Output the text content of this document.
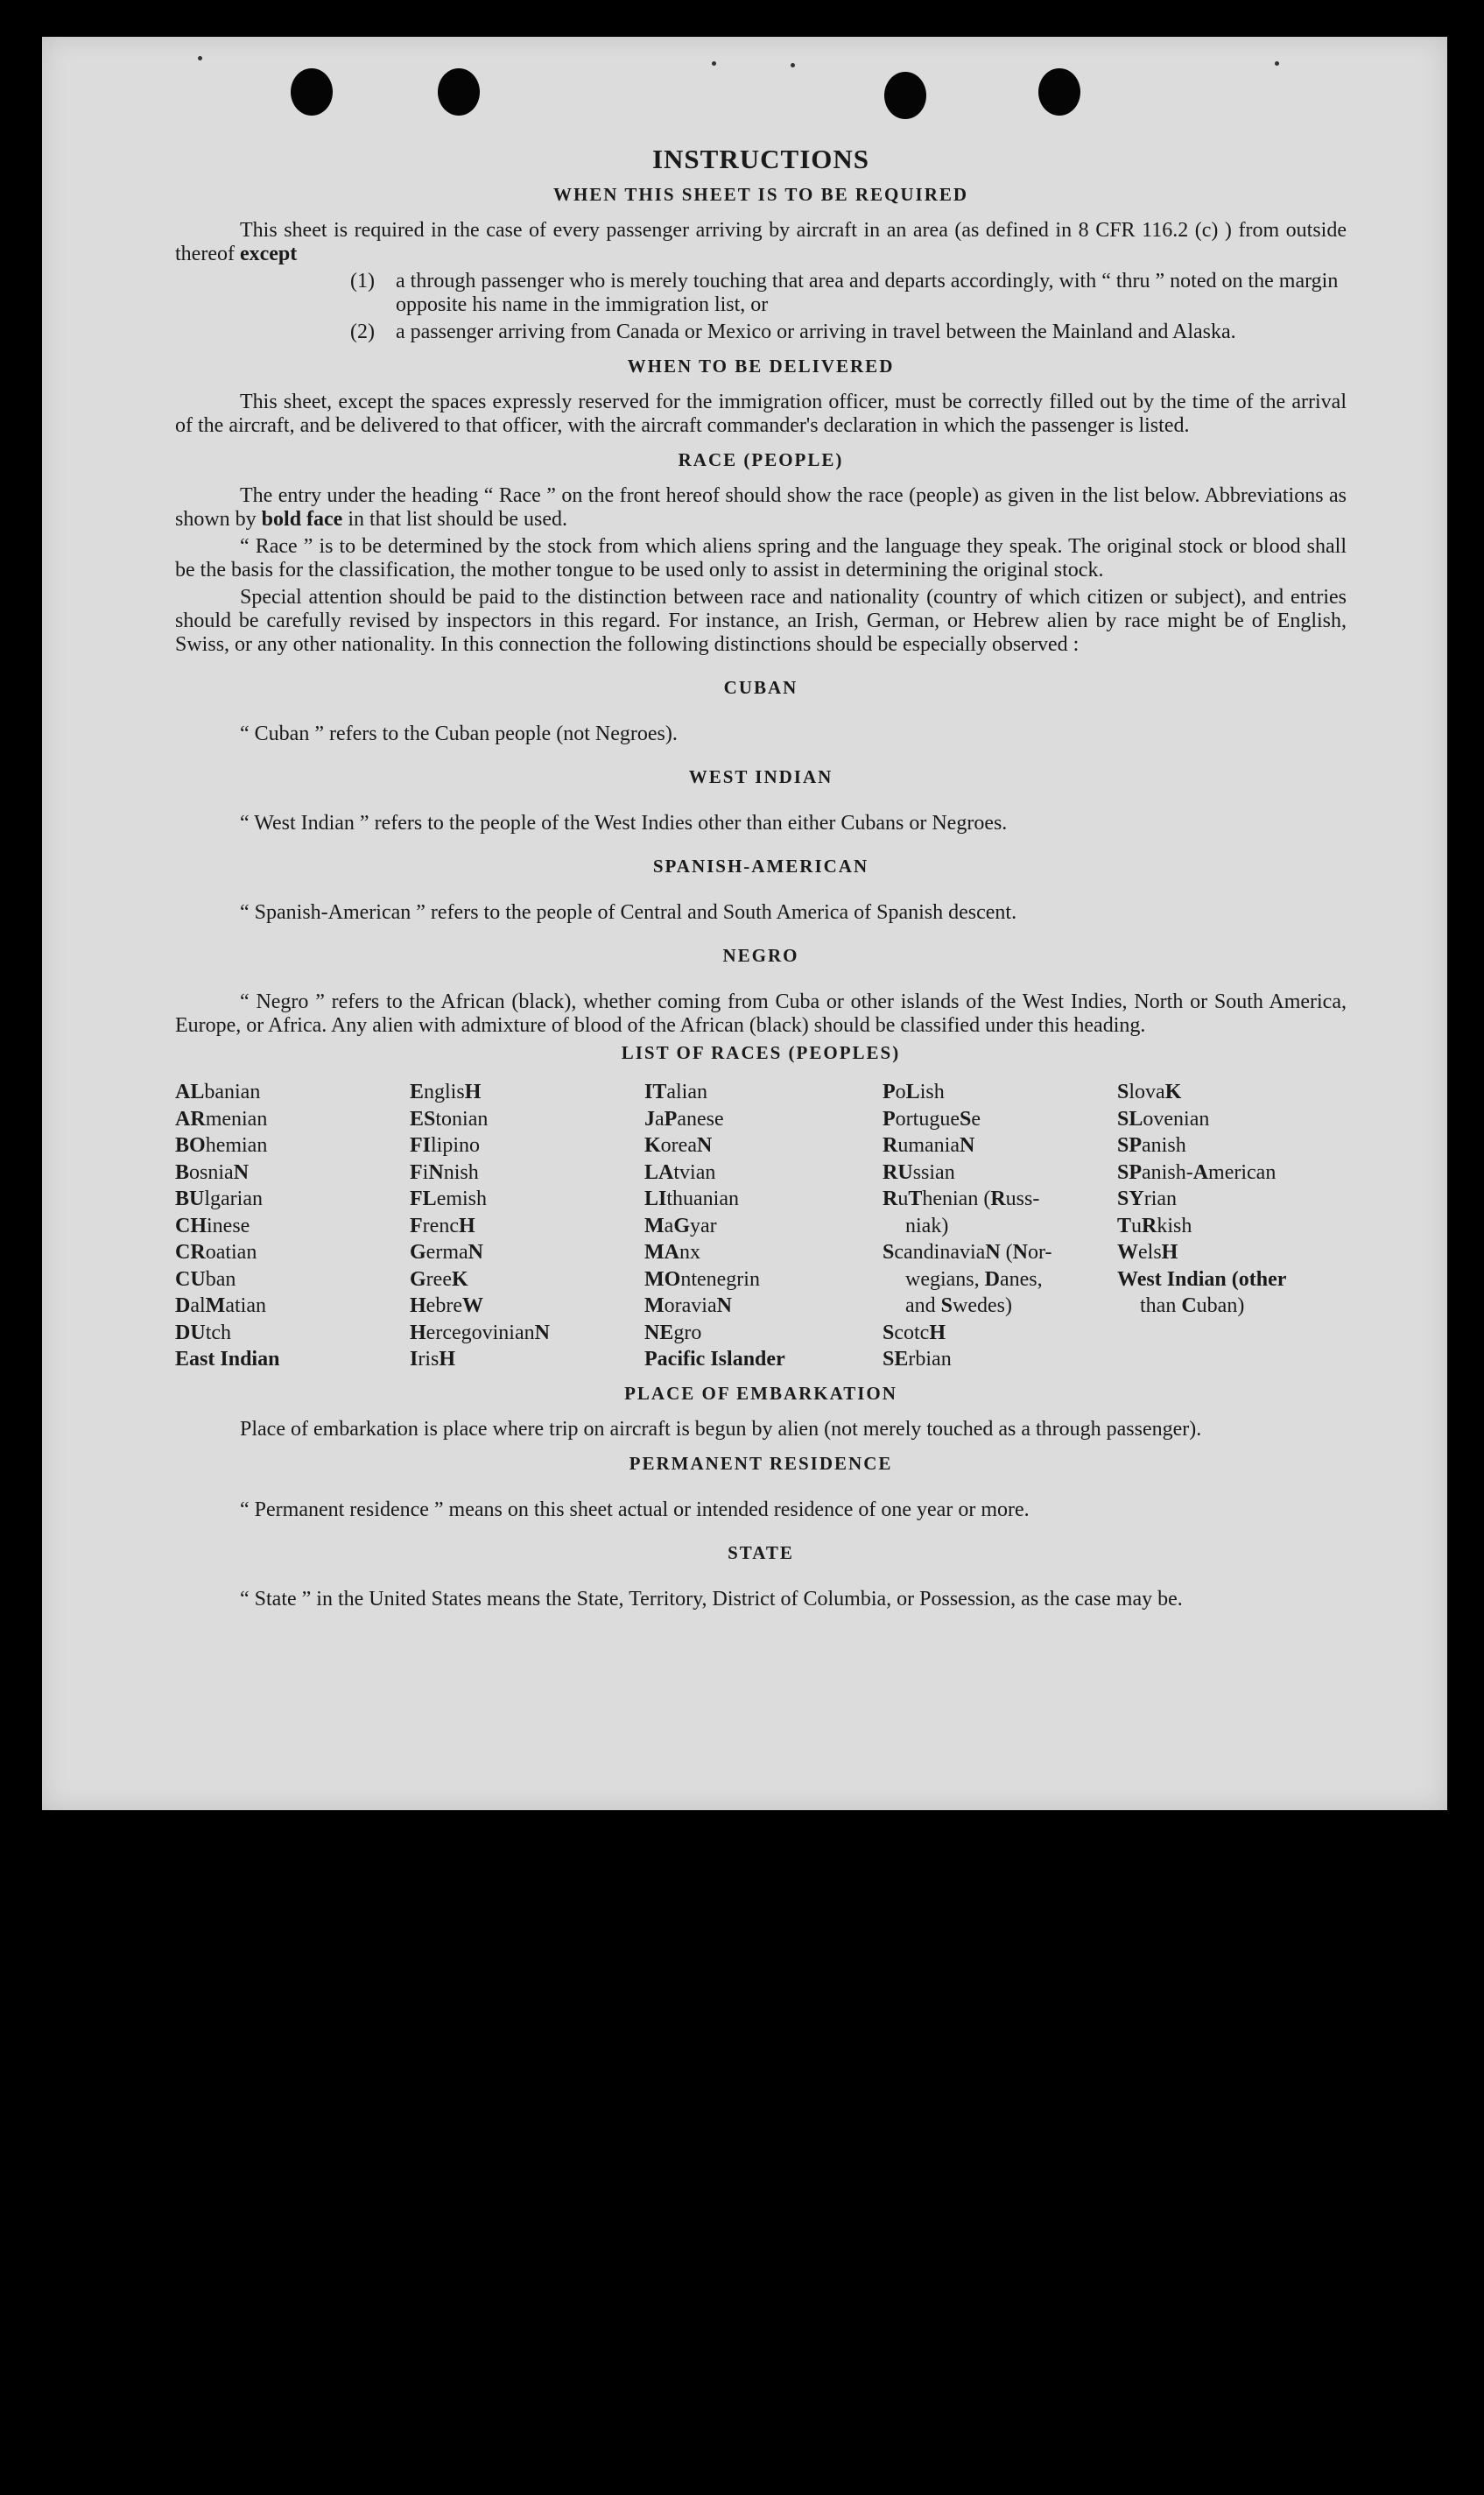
INSTRUCTIONS
WHEN THIS SHEET IS TO BE REQUIRED

This sheet is required in the case of every passenger arriving by aircraft in an area (as defined in 8 CFR 116.2 (c) ) from outside thereof except

(1)	a through passenger who is merely touching that area and departs accordingly, with “ thru ” noted on the margin opposite his name in the immigration list, or
(2)	a passenger arriving from Canada or Mexico or arriving in travel between the Mainland and Alaska.
WHEN TO BE DELIVERED

This sheet, except the spaces expressly reserved for the immigration officer, must be correctly filled out by the time of the arrival of the aircraft, and be delivered to that officer, with the aircraft commander's declaration in which the passenger is listed.

RACE (PEOPLE)

The entry under the heading “ Race ” on the front hereof should show the race (people) as given in the list below. Abbreviations as shown by bold face in that list should be used.

“ Race ” is to be determined by the stock from which aliens spring and the language they speak. The original stock or blood shall be the basis for the classification, the mother tongue to be used only to assist in determining the original stock.

Special attention should be paid to the distinction between race and nationality (country of which citizen or subject), and entries should be carefully revised by inspectors in this regard. For instance, an Irish, German, or Hebrew alien by race might be of English, Swiss, or any other nationality. In this connection the following distinctions should be especially observed :

CUBAN

“ Cuban ” refers to the Cuban people (not Negroes).

WEST INDIAN

“ West Indian ” refers to the people of the West Indies other than either Cubans or Negroes.

SPANISH-AMERICAN

“ Spanish-American ” refers to the people of Central and South America of Spanish descent.

NEGRO

“ Negro ” refers to the African (black), whether coming from Cuba or other islands of the West Indies, North or South America, Europe, or Africa. Any alien with admixture of blood of the African (black) should be classified under this heading.

LIST OF RACES (PEOPLES)
ALbanian
ARmenian
BOhemian
BosniaN
BUlgarian
CHinese
CRoatian
CUban
DalMatian
DUtch
East Indian
EnglisH
EStonian
FIlipino
FiNnish
FLemish
FrencH
GermaN
GreeK
HebreW
HercegovinianN
IrisH
ITalian
JaPanese
KoreaN
LAtvian
LIthuanian
MaGyar
MAnx
MOntenegrin
MoraviaN
NEgro
Pacific Islander
PoLish
PortugueSe
RumaniaN
RUssian
RuThenian (Russ-
niak)
ScandinaviaN (Nor-
wegians, Danes,
and Swedes)
ScotcH
SErbian
SlovaK
SLovenian
SPanish
SPanish-American
SYrian
TuRkish
WelsH
West Indian (other
than Cuban)
PLACE OF EMBARKATION

Place of embarkation is place where trip on aircraft is begun by alien (not merely touched as a through passenger).

PERMANENT RESIDENCE

“ Permanent residence ” means on this sheet actual or intended residence of one year or more.

STATE

“ State ” in the United States means the State, Territory, District of Columbia, or Possession, as the case may be.
